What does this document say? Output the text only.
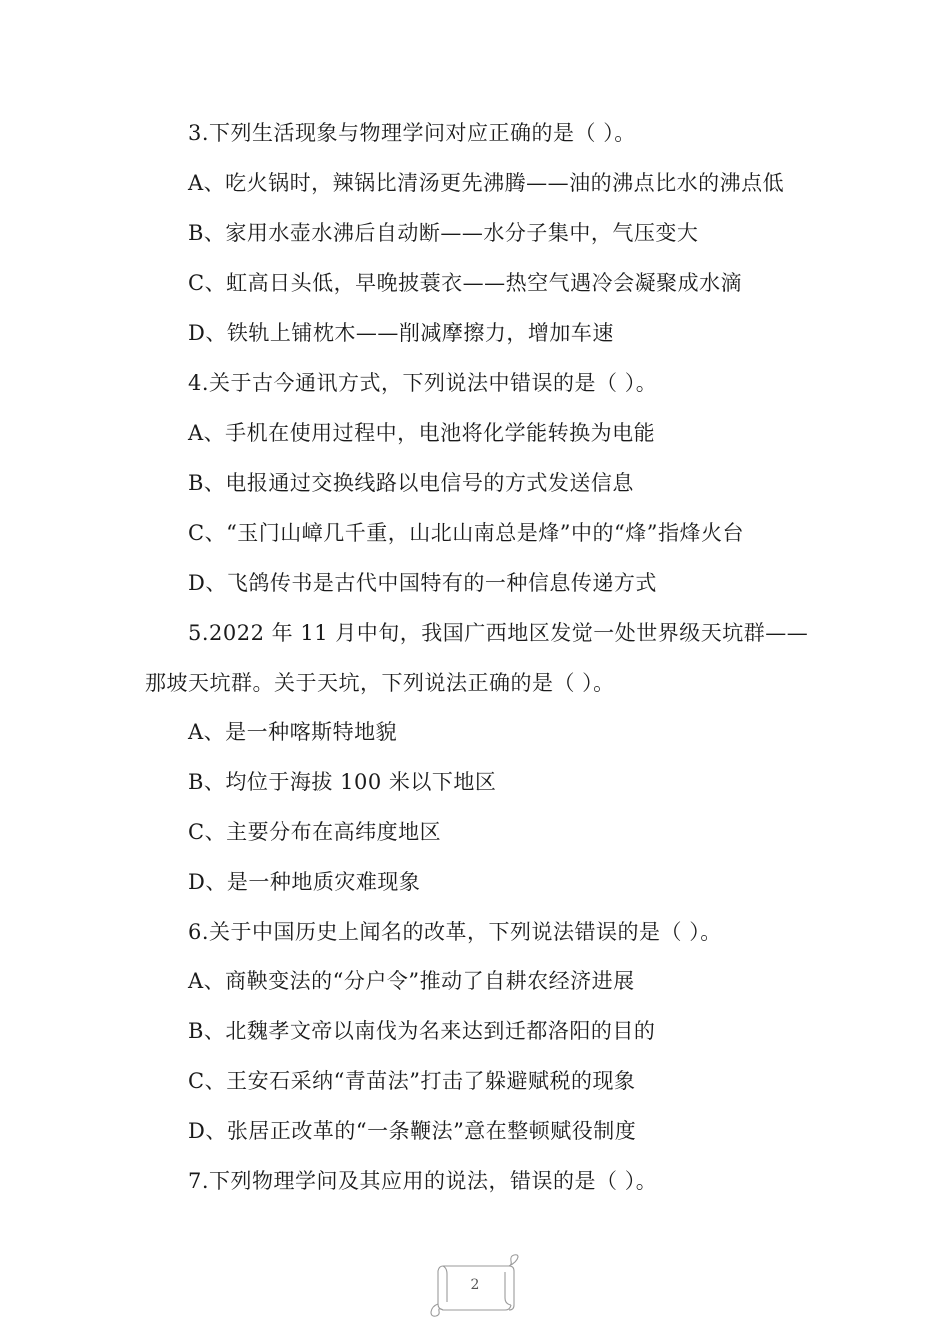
3.下列生活现象与物理学问对应正确的是（ ）。
A、吃火锅时，辣锅比清汤更先沸腾——油的沸点比水的沸点低
B、家用水壶水沸后自动断——水分子集中，气压变大
C、虹高日头低，早晚披蓑衣——热空气遇冷会凝聚成水滴
D、铁轨上铺枕木——削减摩擦力，增加车速
4.关于古今通讯方式，下列说法中错误的是（ ）。
A、手机在使用过程中，电池将化学能转换为电能
B、电报通过交换线路以电信号的方式发送信息
C、“玉门山嶂几千重，山北山南总是烽”中的“烽”指烽火台
D、飞鸽传书是古代中国特有的一种信息传递方式
5.2022 年 11 月中旬，我国广西地区发觉一处世界级天坑群——
那坡天坑群。关于天坑，下列说法正确的是（ ）。
A、是一种喀斯特地貌
B、均位于海拔 100 米以下地区
C、主要分布在高纬度地区
D、是一种地质灾难现象
6.关于中国历史上闻名的改革，下列说法错误的是（ ）。
A、商鞅变法的“分户令”推动了自耕农经济进展
B、北魏孝文帝以南伐为名来达到迁都洛阳的目的
C、王安石采纳“青苗法”打击了躲避赋税的现象
D、张居正改革的“一条鞭法”意在整顿赋役制度
7.下列物理学问及其应用的说法，错误的是（ ）。
2
